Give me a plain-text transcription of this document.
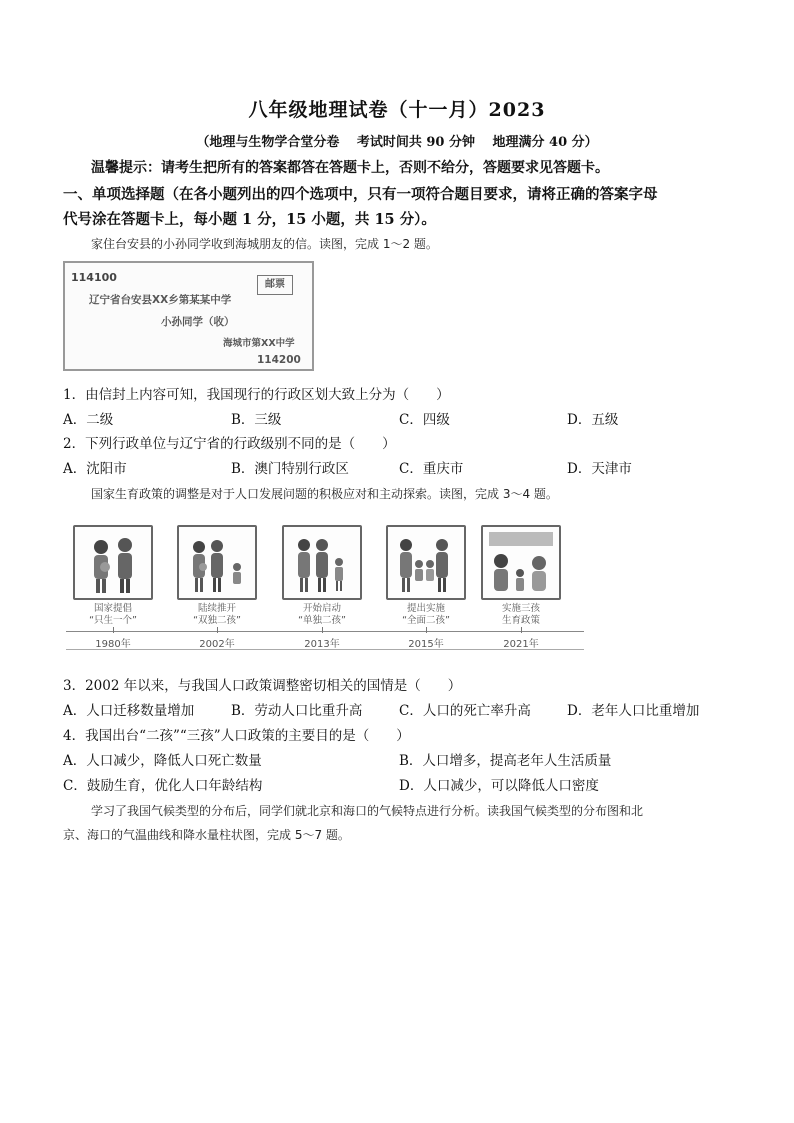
八年级地理试卷（十一月）2023
（地理与生物学合堂分卷　 考试时间共 90 分钟　 地理满分 40 分）
温馨提示：请考生把所有的答案都答在答题卡上，否则不给分，答题要求见答题卡。
一、单项选择题（在各小题列出的四个选项中，只有一项符合题目要求，请将正确的答案字母
代号涂在答题卡上，每小题 1 分，15 小题，共 15 分）。
家住台安县的小孙同学收到海城朋友的信。读图，完成 1～2 题。
114100
邮票
辽宁省台安县XX乡第某某中学
小孙同学（收）
海城市第XX中学
114200
1．由信封上内容可知，我国现行的行政区划大致上分为（　　）
A．二级	B．三级	C．四级	D．五级
2．下列行政单位与辽宁省的行政级别不同的是（　　）
A．沈阳市	B．澳门特别行政区	C．重庆市	D．天津市
国家生育政策的调整是对于人口发展问题的积极应对和主动探索。读图，完成 3～4 题。
国家提倡
“只生一个”
陆续推开
“双独二孩”
开始启动
“单独二孩”
提出实施
“全面二孩”
实施三孩
生育政策
1980年	2002年	2013年	2015年	2021年
3．2002 年以来，与我国人口政策调整密切相关的国情是（　　）
A．人口迁移数量增加	B．劳动人口比重升高	C．人口的死亡率升高	D．老年人口比重增加
4．我国出台“二孩”“三孩”人口政策的主要目的是（　　）
A．人口减少，降低人口死亡数量	B．人口增多，提高老年人生活质量
C．鼓励生育，优化人口年龄结构	D．人口减少，可以降低人口密度
学习了我国气候类型的分布后，同学们就北京和海口的气候特点进行分析。读我国气候类型的分布图和北
京、海口的气温曲线和降水量柱状图，完成 5～7 题。
